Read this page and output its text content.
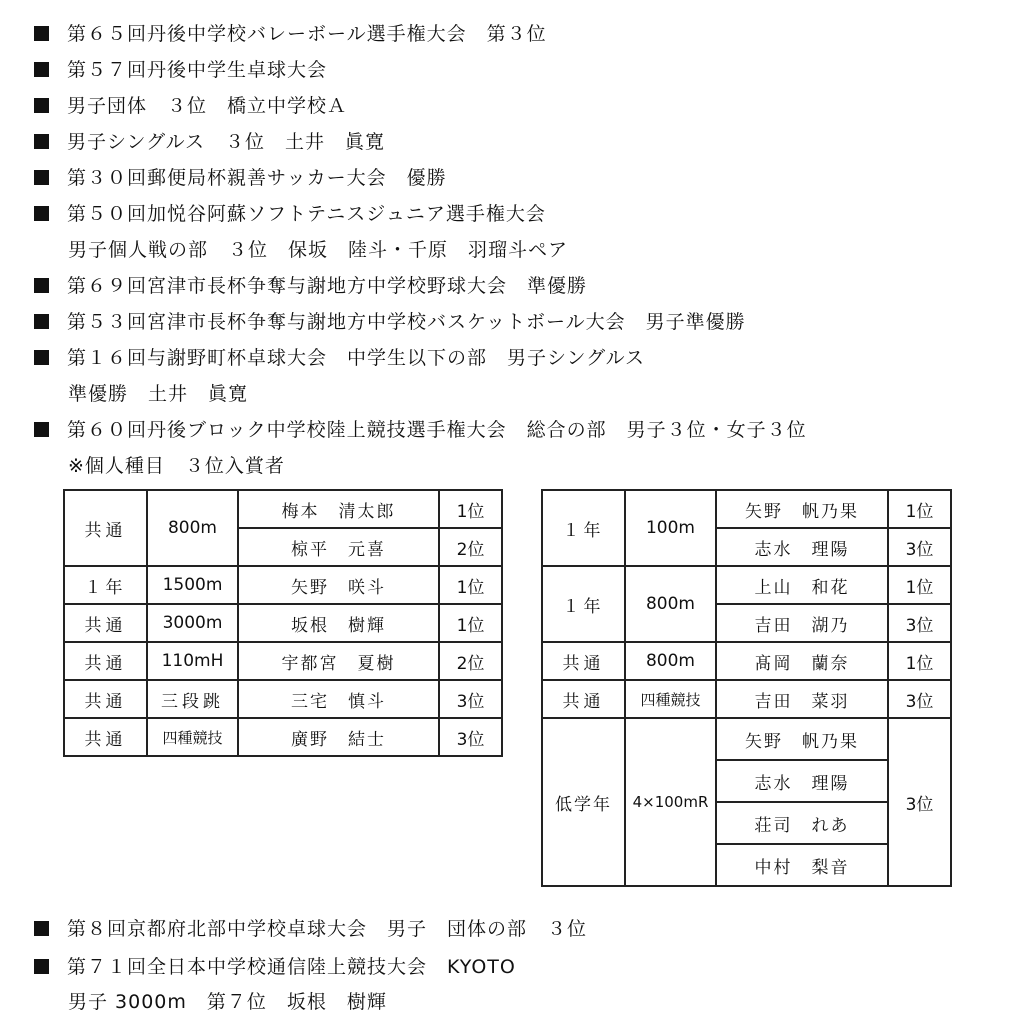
第６５回丹後中学校バレーボール選手権大会　第３位
第５７回丹後中学生卓球大会
男子団体　３位　橋立中学校Ａ
男子シングルス　３位　土井　眞寛
第３０回郵便局杯親善サッカー大会　優勝
第５０回加悦谷阿蘇ソフトテニスジュニア選手権大会
男子個人戦の部　３位　保坂　陸斗・千原　羽瑠斗ペア
第６９回宮津市長杯争奪与謝地方中学校野球大会　準優勝
第５３回宮津市長杯争奪与謝地方中学校バスケットボール大会　男子準優勝
第１６回与謝野町杯卓球大会　中学生以下の部　男子シングルス
準優勝　土井　眞寛
第６０回丹後ブロック中学校陸上競技選手権大会　総合の部　男子３位・女子３位
※個人種目　３位入賞者
共通	800m	梅本　清太郎	1位
		椋平　元喜	2位
１年	1500m	矢野　咲斗	1位
共通	3000m	坂根　樹輝	1位
共通	110mH	宇都宮　夏樹	2位
共通	三段跳	三宅　慎斗	3位
共通	四種競技	廣野　結士	3位
１年	100m	矢野　帆乃果	1位
		志水　理陽	3位
１年	800m	上山　和花	1位
		吉田　湖乃	3位
共通	800m	髙岡　蘭奈	1位
共通	四種競技	吉田　菜羽	3位
低学年	4×100mR	矢野　帆乃果	3位
		志水　理陽	
		荘司　れあ	
		中村　梨音	
第８回京都府北部中学校卓球大会　男子　団体の部　３位
第７１回全日本中学校通信陸上競技大会　KYOTO
男子 3000m　第７位　坂根　樹輝
